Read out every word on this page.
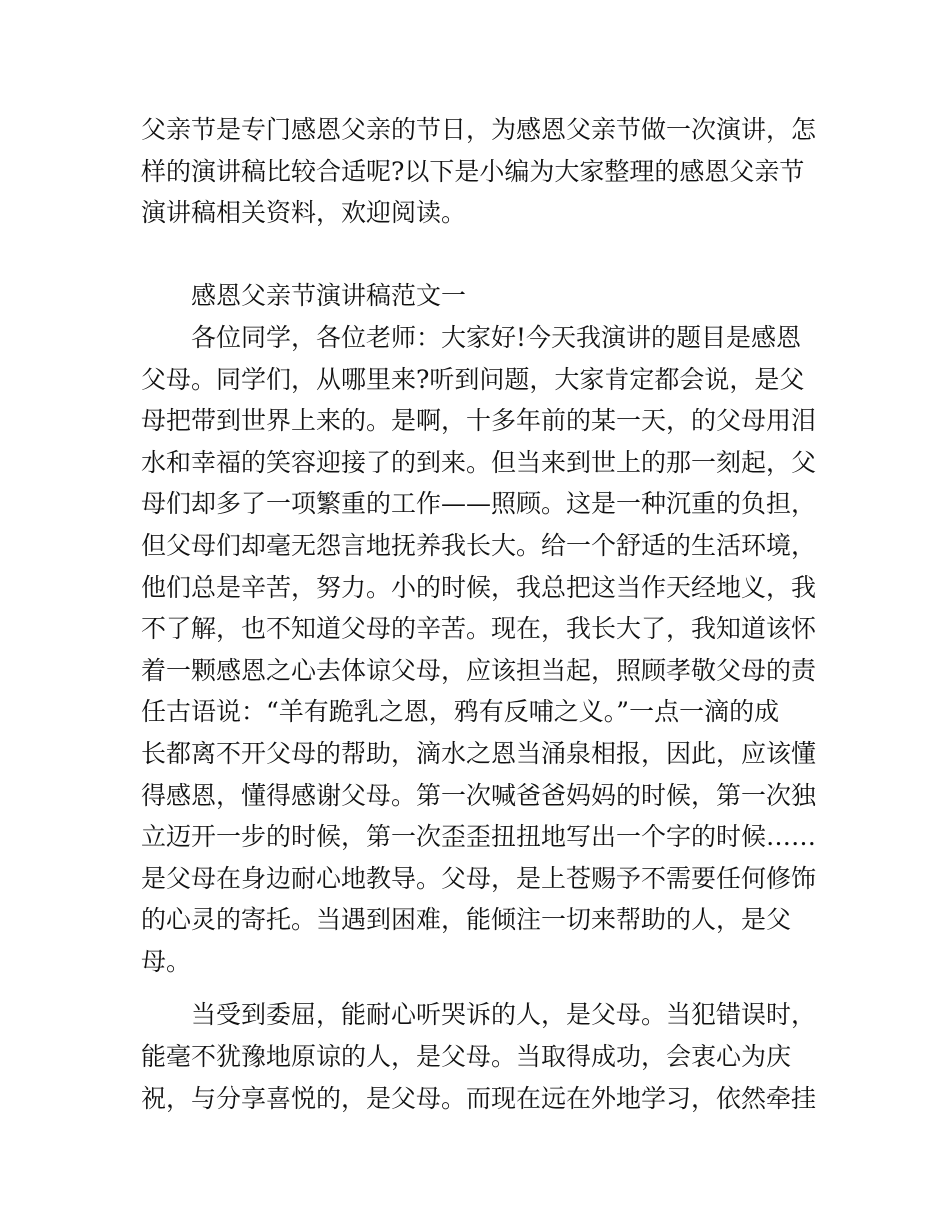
父亲节是专门感恩父亲的节日，为感恩父亲节做一次演讲，怎
样的演讲稿比较合适呢?以下是小编为大家整理的感恩父亲节
演讲稿相关资料，欢迎阅读。
感恩父亲节演讲稿范文一
各位同学，各位老师：大家好!今天我演讲的题目是感恩
父母。同学们，从哪里来?听到问题，大家肯定都会说，是父
母把带到世界上来的。是啊，十多年前的某一天，的父母用泪
水和幸福的笑容迎接了的到来。但当来到世上的那一刻起，父
母们却多了一项繁重的工作——照顾。这是一种沉重的负担，
但父母们却毫无怨言地抚养我长大。给一个舒适的生活环境，
他们总是辛苦，努力。小的时候，我总把这当作天经地义，我
不了解，也不知道父母的辛苦。现在，我长大了，我知道该怀
着一颗感恩之心去体谅父母，应该担当起，照顾孝敬父母的责
任古语说：“羊有跪乳之恩，鸦有反哺之义。”一点一滴的成
长都离不开父母的帮助，滴水之恩当涌泉相报，因此，应该懂
得感恩，懂得感谢父母。第一次喊爸爸妈妈的时候，第一次独
立迈开一步的时候，第一次歪歪扭扭地写出一个字的时候……
是父母在身边耐心地教导。父母，是上苍赐予不需要任何修饰
的心灵的寄托。当遇到困难，能倾注一切来帮助的人，是父
母。
当受到委屈，能耐心听哭诉的人，是父母。当犯错误时，
能毫不犹豫地原谅的人，是父母。当取得成功，会衷心为庆
祝，与分享喜悦的，是父母。而现在远在外地学习，依然牵挂
